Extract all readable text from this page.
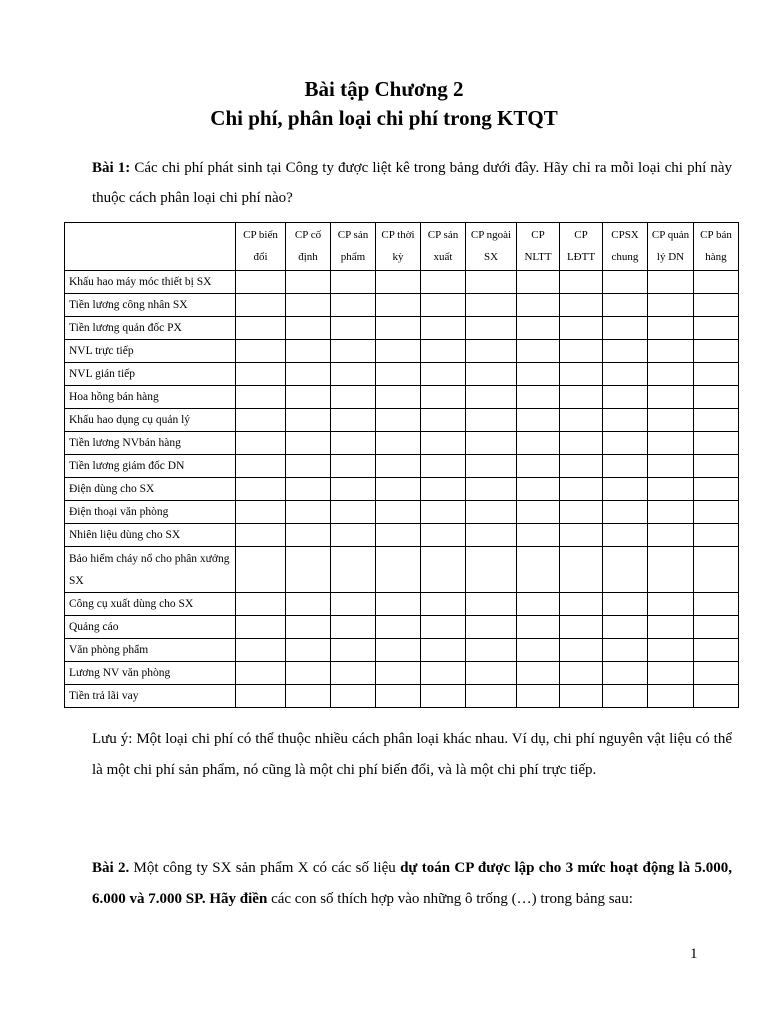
Bài tập Chương 2
Chi phí, phân loại chi phí trong KTQT
Bài 1: Các chi phí phát sinh tại Công ty được liệt kê trong bảng dưới đây. Hãy chỉ ra mỗi loại chi phí này thuộc cách phân loại chi phí nào?
	CP biến đổi	CP cố định	CP sản phẩm	CP thời kỳ	CP sản xuất	CP ngoài SX	CP NLTT	CP LĐTT	CPSX chung	CP quản lý DN	CP bán hàng
Khấu hao máy móc thiết bị SX											
Tiền lương công nhân SX											
Tiền lương quản đốc PX											
NVL trực tiếp											
NVL gián tiếp											
Hoa hồng bán hàng											
Khấu hao dụng cụ quản lý											
Tiền lương NVbán hàng											
Tiền lương giám đốc DN											
Điện dùng cho SX											
Điện thoại văn phòng											
Nhiên liệu dùng cho SX											
Bảo hiểm cháy nổ cho phân xưởng SX											
Công cụ xuất dùng cho SX											
Quảng cáo											
Văn phòng phẩm											
Lương NV văn phòng											
Tiền trả lãi vay											
Lưu ý: Một loại chi phí có thể thuộc nhiều cách phân loại khác nhau. Ví dụ, chi phí nguyên vật liệu có thể là một chi phí sản phẩm, nó cũng là một chi phí biến đổi, và là một chi phí trực tiếp.
Bài 2. Một công ty SX sản phẩm X có các số liệu dự toán CP được lập cho 3 mức hoạt động là 5.000, 6.000 và 7.000 SP. Hãy điền các con số thích hợp vào những ô trống (…) trong bảng sau:
1
